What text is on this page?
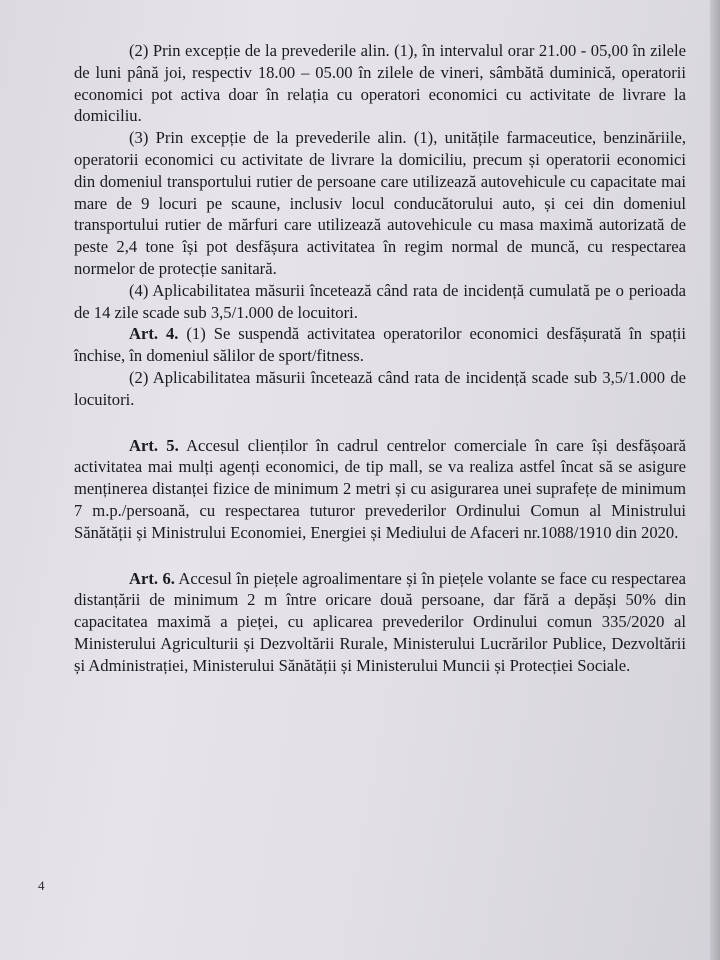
(2) Prin excepție de la prevederile alin. (1), în intervalul orar 21.00 - 05,00 în zilele de luni până joi, respectiv 18.00 – 05.00 în zilele de vineri, sâmbătă duminică, operatorii economici pot activa doar în relația cu operatori economici cu activitate de livrare la domiciliu.

(3) Prin excepție de la prevederile alin. (1), unitățile farmaceutice, benzinăriile, operatorii economici cu activitate de livrare la domiciliu, precum și operatorii economici din domeniul transportului rutier de persoane care utilizează autovehicule cu capacitate mai mare de 9 locuri pe scaune, inclusiv locul conducătorului auto, și cei din domeniul transportului rutier de mărfuri care utilizează autovehicule cu masa maximă autorizată de peste 2,4 tone își pot desfășura activitatea în regim normal de muncă, cu respectarea normelor de protecție sanitară.

(4) Aplicabilitatea măsurii încetează când rata de incidență cumulată pe o perioada de 14 zile scade sub 3,5/1.000 de locuitori.

Art. 4. (1) Se suspendă activitatea operatorilor economici desfășurată în spații închise, în domeniul sălilor de sport/fitness.

(2) Aplicabilitatea măsurii încetează când rata de incidență scade sub 3,5/1.000 de locuitori.

Art. 5. Accesul clienților în cadrul centrelor comerciale în care își desfășoară activitatea mai mulți agenți economici, de tip mall, se va realiza astfel încat să se asigure menținerea distanței fizice de minimum 2 metri și cu asigurarea unei suprafețe de minimum 7 m.p./persoană, cu respectarea tuturor prevederilor Ordinului Comun al Ministrului Sănătății și Ministrului Economiei, Energiei și Mediului de Afaceri nr.1088/1910 din 2020.

Art. 6. Accesul în piețele agroalimentare și în piețele volante se face cu respectarea distanțării de minimum 2 m între oricare două persoane, dar fără a depăși 50% din capacitatea maximă a pieței, cu aplicarea prevederilor Ordinului comun 335/2020 al Ministerului Agriculturii și Dezvoltării Rurale, Ministerului Lucrărilor Publice, Dezvoltării și Administrației, Ministerului Sănătății și Ministerului Muncii și Protecției Sociale.

4
